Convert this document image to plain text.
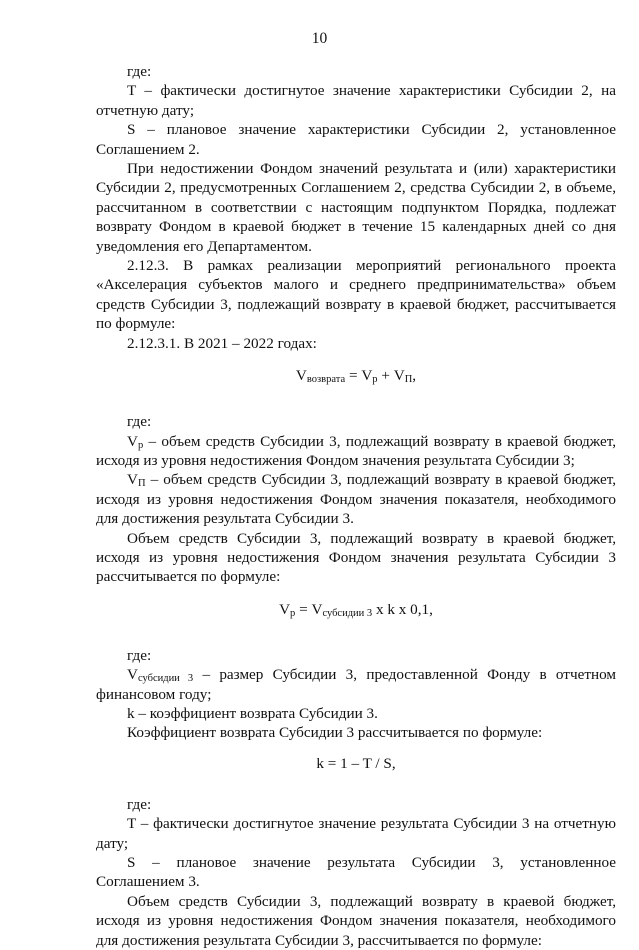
10

где:

T – фактически достигнутое значение характеристики Субсидии 2, на отчетную дату;

S – плановое значение характеристики Субсидии 2, установленное Соглашением 2.

При недостижении Фондом значений результата и (или) характеристики Субсидии 2, предусмотренных Соглашением 2, средства Субсидии 2, в объеме, рассчитанном в соответствии с настоящим подпунктом Порядка, подлежат возврату Фондом в краевой бюджет в течение 15 календарных дней со дня уведомления его Департаментом.

2.12.3. В рамках реализации мероприятий регионального проекта «Акселерация субъектов малого и среднего предпринимательства» объем средств Субсидии 3, подлежащий возврату в краевой бюджет, рассчитывается по формуле:

2.12.3.1. В 2021 – 2022 годах:

$V_{возврата} = V_р + V_П$,

где:

$V_р$ – объем средств Субсидии 3, подлежащий возврату в краевой бюджет, исходя из уровня недостижения Фондом значения результата Субсидии 3;

$V_П$ – объем средств Субсидии 3, подлежащий возврату в краевой бюджет, исходя из уровня недостижения Фондом значения показателя, необходимого для достижения результата Субсидии 3.

Объем средств Субсидии 3, подлежащий возврату в краевой бюджет, исходя из уровня недостижения Фондом значения результата Субсидии 3 рассчитывается по формуле:

$V_р = V_{субсидии 3}$ x k x 0,1,

где:

$V_{субсидии 3}$ – размер Субсидии 3, предоставленной Фонду в отчетном финансовом году;

k – коэффициент возврата Субсидии 3.

Коэффициент возврата Субсидии 3 рассчитывается по формуле:

k = 1 – T / S,

где:

T – фактически достигнутое значение результата Субсидии 3 на отчетную дату;

S – плановое значение результата Субсидии 3, установленное Соглашением 3.

Объем средств Субсидии 3, подлежащий возврату в краевой бюджет, исходя из уровня недостижения Фондом значения показателя, необходимого для достижения результата Субсидии 3, рассчитывается по формуле:
